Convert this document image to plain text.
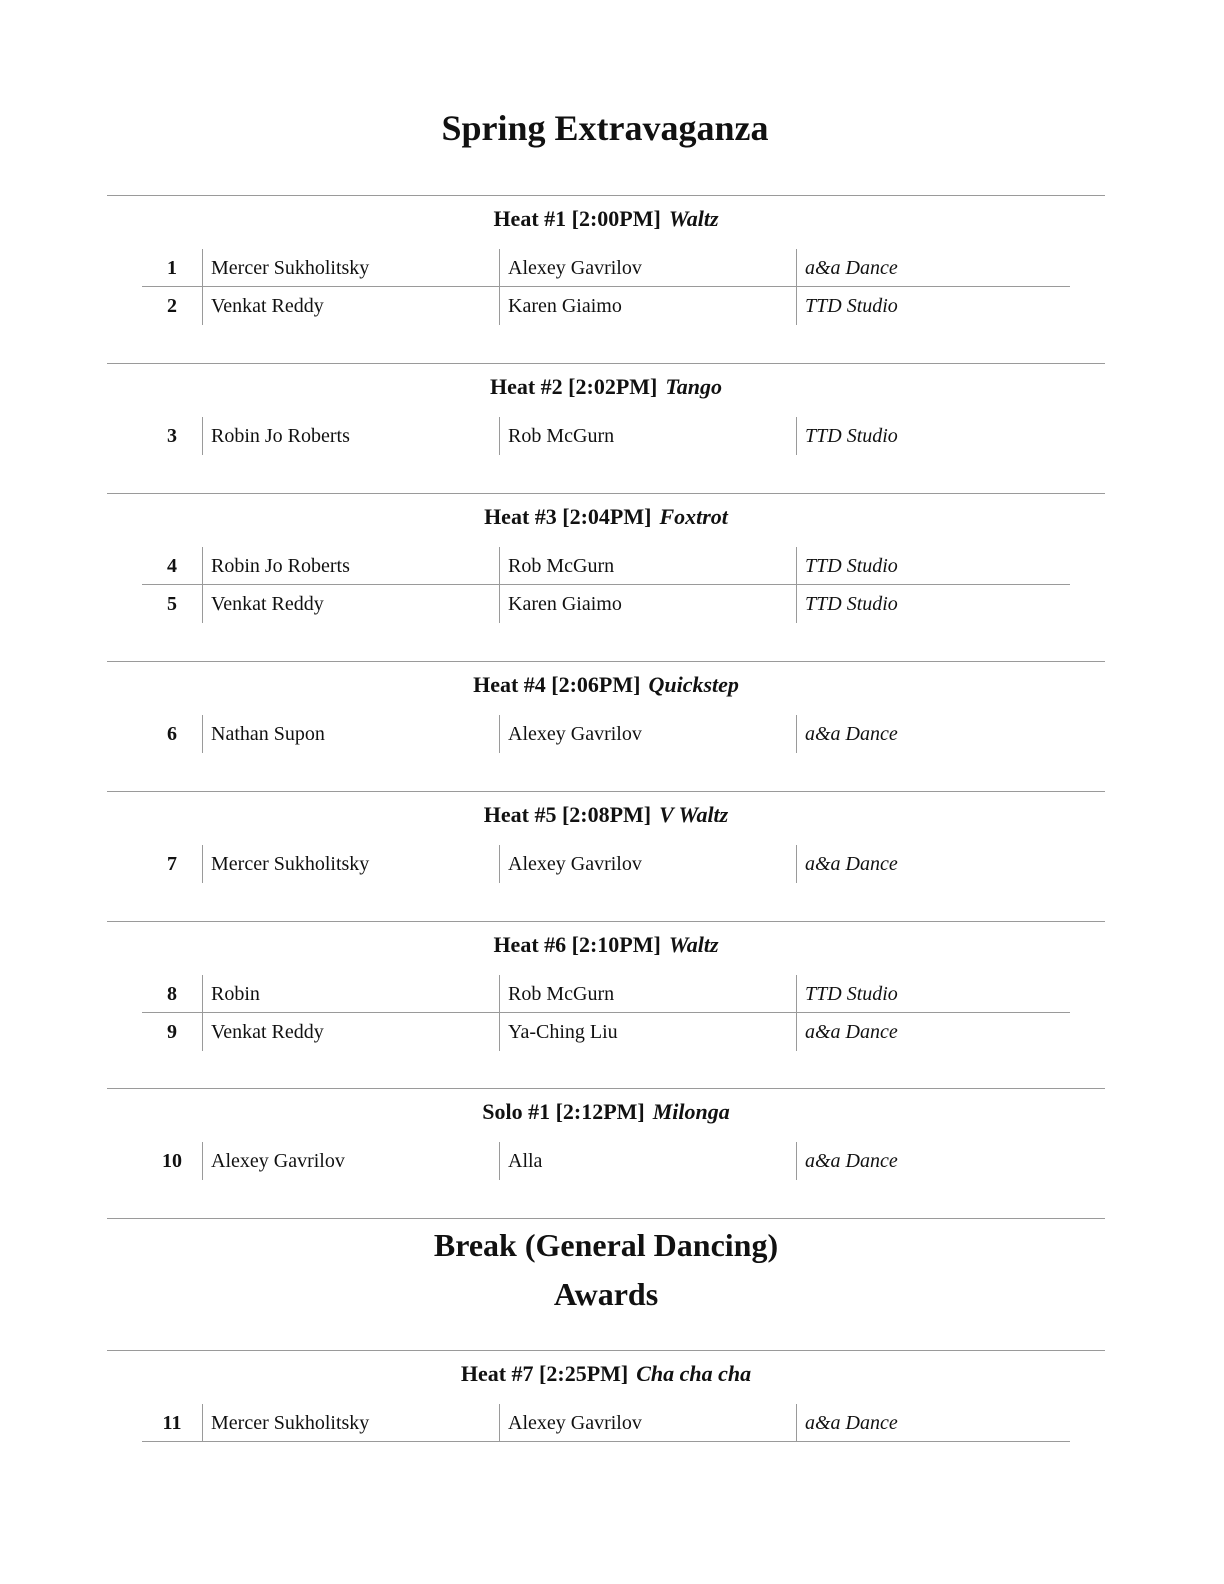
Spring Extravaganza
Heat #1 [2:00PM] Waltz
1	Mercer Sukholitsky	Alexey Gavrilov	a&a Dance
2	Venkat Reddy	Karen Giaimo	TTD Studio
Heat #2 [2:02PM] Tango
3	Robin Jo Roberts	Rob McGurn	TTD Studio
Heat #3 [2:04PM] Foxtrot
4	Robin Jo Roberts	Rob McGurn	TTD Studio
5	Venkat Reddy	Karen Giaimo	TTD Studio
Heat #4 [2:06PM] Quickstep
6	Nathan Supon	Alexey Gavrilov	a&a Dance
Heat #5 [2:08PM] V Waltz
7	Mercer Sukholitsky	Alexey Gavrilov	a&a Dance
Heat #6 [2:10PM] Waltz
8	Robin	Rob McGurn	TTD Studio
9	Venkat Reddy	Ya-Ching Liu	a&a Dance
Solo #1 [2:12PM] Milonga
10	Alexey Gavrilov	Alla	a&a Dance
Break (General Dancing)
Awards
Heat #7 [2:25PM] Cha cha cha
11	Mercer Sukholitsky	Alexey Gavrilov	a&a Dance
